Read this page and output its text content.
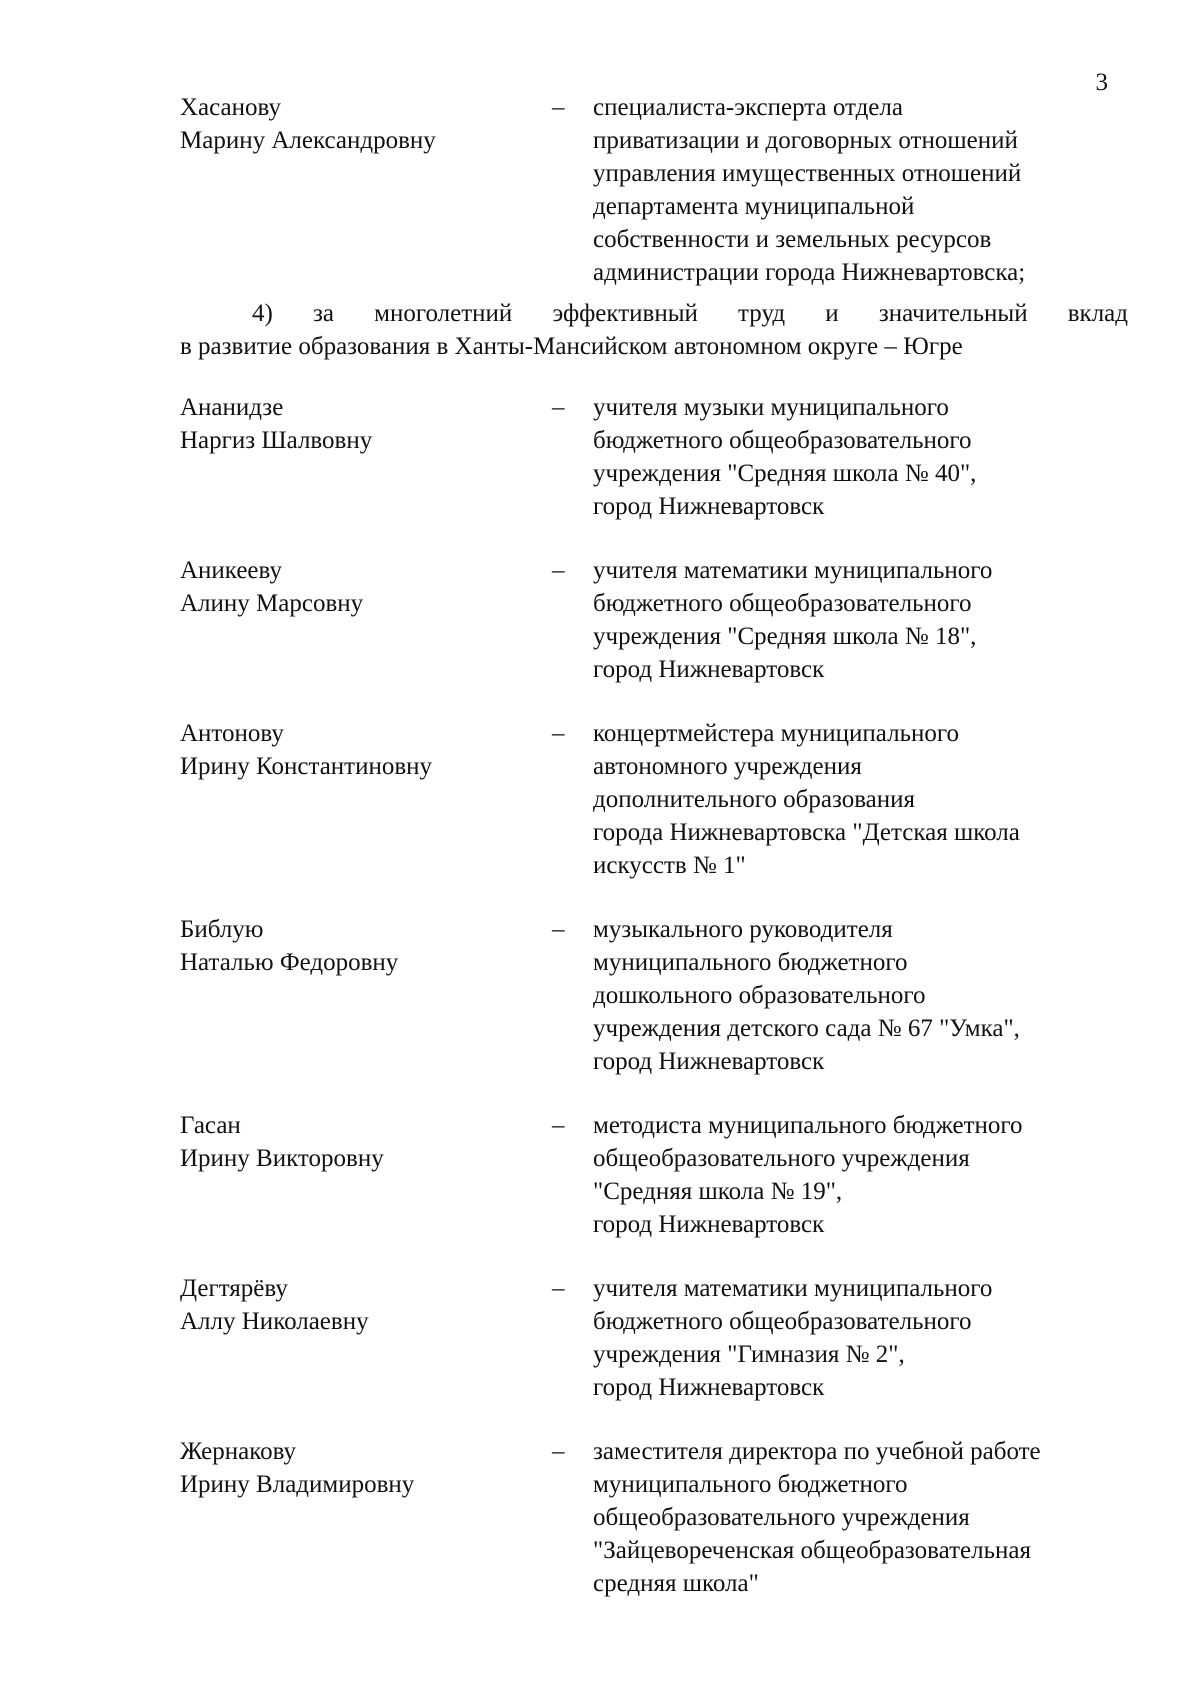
3
Хасанову
Марину Александровну
– специалиста-эксперта отдела
приватизации и договорных отношений
управления имущественных отношений
департамента муниципальной
собственности и земельных ресурсов
администрации города Нижневартовска;
4) за многолетний эффективный труд и значительный вклад
в развитие образования в Ханты-Мансийском автономном округе – Югре
Ананидзе
Наргиз Шалвовну
– учителя музыки муниципального
бюджетного общеобразовательного
учреждения "Средняя школа № 40",
город Нижневартовск
Аникееву
Алину Марсовну
– учителя математики муниципального
бюджетного общеобразовательного
учреждения "Средняя школа № 18",
город Нижневартовск
Антонову
Ирину Константиновну
– концертмейстера муниципального
автономного учреждения
дополнительного образования
города Нижневартовска "Детская школа
искусств № 1"
Библую
Наталью Федоровну
– музыкального руководителя
муниципального бюджетного
дошкольного образовательного
учреждения детского сада № 67 "Умка",
город Нижневартовск
Гасан
Ирину Викторовну
– методиста муниципального бюджетного
общеобразовательного учреждения
"Средняя школа № 19",
город Нижневартовск
Дегтярёву
Аллу Николаевну
– учителя математики муниципального
бюджетного общеобразовательного
учреждения "Гимназия № 2",
город Нижневартовск
Жернакову
Ирину Владимировну
– заместителя директора по учебной работе
муниципального бюджетного
общеобразовательного учреждения
"Зайцевореченская общеобразовательная
средняя школа"
